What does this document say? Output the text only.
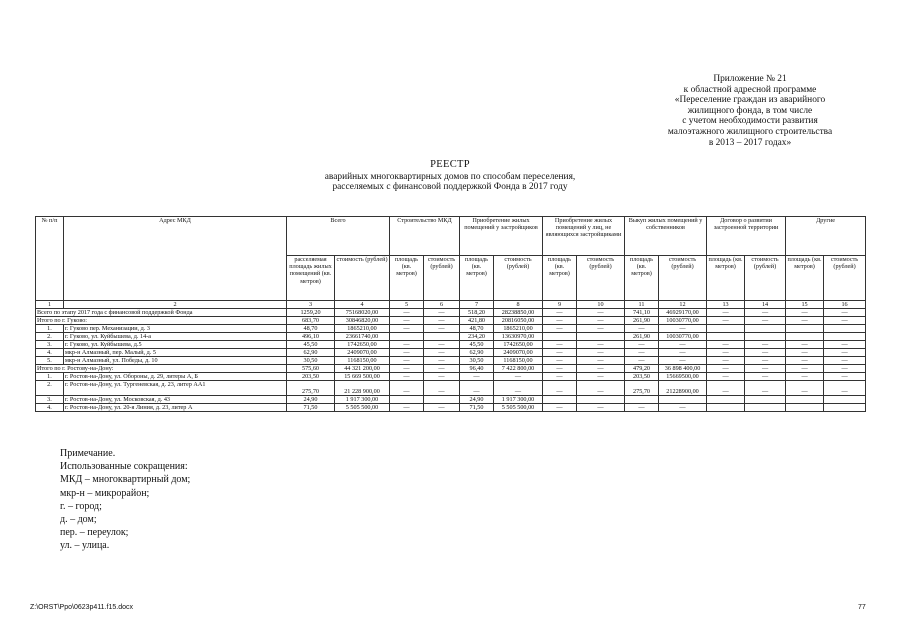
Приложение № 21
к областной адресной программе
«Переселение граждан из аварийного
жилищного фонда, в том числе
с учетом необходимости развития
малоэтажного жилищного строительства
в 2013 – 2017 годах»
РЕЕСТР
аварийных многоквартирных домов по способам переселения,
расселяемых с финансовой поддержкой Фонда в 2017 году
№ п/п	Адрес МКД	Всего		Строительство МКД		Приобретение жилых помещений у застройщиков		Приобретение жилых помещений у лиц, не являющихся застройщиками		Выкуп жилых помещений у собственников		Договор о развитии застроенной территории		Другие	
		расселяемая площадь жилых помещений (кв. метров)	стоимость (рублей)	площадь (кв. метров)	стоимость (рублей)	площадь (кв. метров)	стоимость (рублей)	площадь (кв. метров)	стоимость (рублей)	площадь (кв. метров)	стоимость (рублей)	площадь (кв. метров)	стоимость (рублей)	площадь (кв. метров)	стоимость (рублей)
1	2	3	4	5	6	7	8	9	10	11	12	13	14	15	16
Всего по этапу 2017 года с финансовой поддержкой Фонда		1259,20	75168020,00	—	—	518,20	28238850,00	—	—	741,10	46929170,00	—	—	—	—
Итого по г. Гуково:		683,70	30846820,00	—	—	421,80	20816050,00	—	—	261,90	10030770,00	—	—	—	—
1.	г. Гуково пер. Механизации, д. 3	48,70	1865210,00	—	—	48,70	1865210,00	—	—	—	—				
2.	г. Гуково, ул. Куйбышева, д. 14-а	496,10	23661740,00			234,20	13630970,00			261,90	10030770,00				
3.	г. Гуково, ул. Куйбышева, д.5	45,50	1742650,00	—	—	45,50	1742650,00	—	—	—	—	—	—	—	—
4.	мкр-н Алмазный, пер. Малый, д. 5	62,90	2409070,00	—	—	62,90	2409070,00	—	—	—	—	—	—	—	—
5.	мкр-н Алмазный, ул. Победы, д. 10	30,50	1168150,00	—	—	30,50	1168150,00	—	—	—	—	—	—	—	—
Итого по г. Ростову-на-Дону:		575,60	44 321 200,00	—	—	96,40	7 422 800,00	—	—	479,20	36 898 400,00	—	—	—	—
1.	г. Ростов-на-Дону, ул. Обороны, д. 29, литеры А, Б	203,50	15 669 500,00	—	—	—	—	—	—	203,50	15669500,00	—	—	—	—
2.	г. Ростов-на-Дону, ул. Тургеневская, д. 23, литер АА1	275,70	21 228 900,00	—	—	—	—	—	—	275,70	21228900,00	—	—	—	—
3.	г. Ростов-на-Дону, ул. Московская, д. 43	24,90	1 917 300,00			24,90	1 917 300,00								
4.	г. Ростов-на-Дону, ул. 20-я Линия, д. 23, литер А	71,50	5 505 500,00	—	—	71,50	5 505 500,00	—	—	—	—				
Примечание.
Использованные сокращения:
МКД – многоквартирный дом;
мкр-н – микрорайон;
г. – город;
д. – дом;
пер. – переулок;
ул. – улица.
Z:\ORST\Ppo\0623p411.f15.docx	77
